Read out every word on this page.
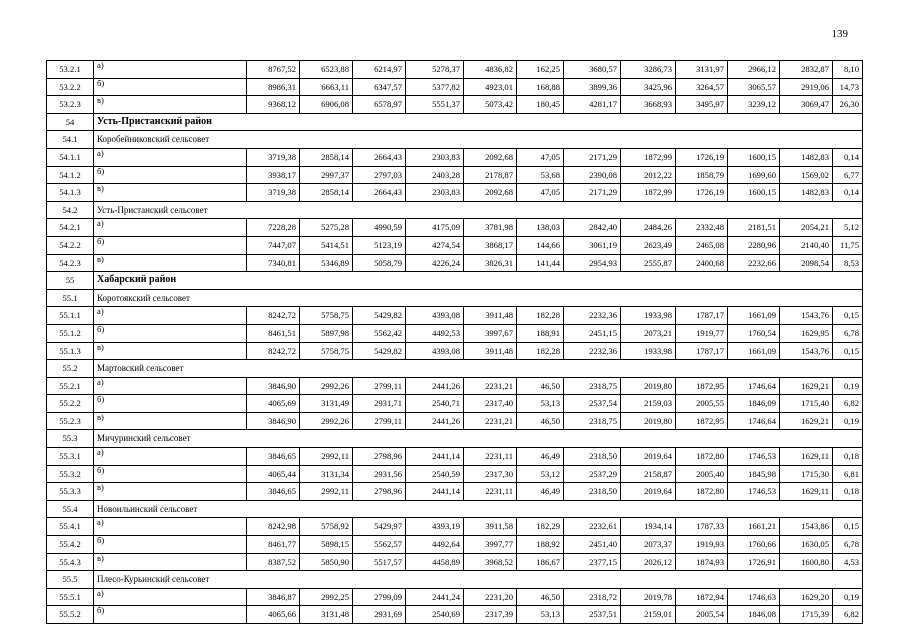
139
53.2.1	а)	8767,52	6523,88	6214,97	5278,37	4836,82	162,25	3680,57	3286,73	3131,97	2966,12	2832,87	8,10
53.2.2	б)	8986,31	6663,11	6347,57	5377,82	4923,01	168,88	3899,36	3425,96	3264,57	3065,57	2919,06	14,73
53.2.3	в)	9368,12	6906,08	6578,97	5551,37	5073,42	180,45	4281,17	3668,93	3495,97	3239,12	3069,47	26,30
54	Усть-Пристанский район												
54.1	Коробейниковский сельсовет												
54.1.1	а)	3719,38	2858,14	2664,43	2303,83	2092,68	47,05	2171,29	1872,99	1726,19	1600,15	1482,83	0,14
54.1.2	б)	3938,17	2997,37	2797,03	2403,28	2178,87	53,68	2390,08	2012,22	1858,79	1699,60	1569,02	6,77
54.1.3	в)	3719,38	2858,14	2664,43	2303,83	2092,68	47,05	2171,29	1872,99	1726,19	1600,15	1482,83	0,14
54.2	Усть-Пристанский сельсовет												
54.2.1	а)	7228,28	5275,28	4990,59	4175,09	3781,98	138,03	2842,40	2484,26	2332,48	2181,51	2054,21	5,12
54.2.2	б)	7447,07	5414,51	5123,19	4274,54	3868,17	144,66	3061,19	2623,49	2465,08	2280,96	2140,40	11,75
54.2.3	в)	7340,81	5346,89	5058,79	4226,24	3826,31	141,44	2954,93	2555,87	2400,68	2232,66	2098,54	8,53
55	Хабарский район												
55.1	Коротоякский сельсовет												
55.1.1	а)	8242,72	5758,75	5429,82	4393,08	3911,48	182,28	2232,36	1933,98	1787,17	1661,09	1543,76	0,15
55.1.2	б)	8461,51	5897,98	5562,42	4492,53	3997,67	188,91	2451,15	2073,21	1919,77	1760,54	1629,95	6,78
55.1.3	в)	8242,72	5758,75	5429,82	4393,08	3911,48	182,28	2232,36	1933,98	1787,17	1661,09	1543,76	0,15
55.2	Мартовский сельсовет												
55.2.1	а)	3846,90	2992,26	2799,11	2441,26	2231,21	46,50	2318,75	2019,80	1872,95	1746,64	1629,21	0,19
55.2.2	б)	4065,69	3131,49	2931,71	2540,71	2317,40	53,13	2537,54	2159,03	2005,55	1846,09	1715,40	6,82
55.2.3	в)	3846,90	2992,26	2799,11	2441,26	2231,21	46,50	2318,75	2019,80	1872,95	1746,64	1629,21	0,19
55.3	Мичуринский сельсовет												
55.3.1	а)	3846,65	2992,11	2798,96	2441,14	2231,11	46,49	2318,50	2019,64	1872,80	1746,53	1629,11	0,18
55.3.2	б)	4065,44	3131,34	2931,56	2540,59	2317,30	53,12	2537,29	2158,87	2005,40	1845,98	1715,30	6,81
55.3.3	в)	3846,65	2992,11	2798,96	2441,14	2231,11	46,49	2318,50	2019,64	1872,80	1746,53	1629,11	0,18
55.4	Новоильинский сельсовет												
55.4.1	а)	8242,98	5758,92	5429,97	4393,19	3911,58	182,29	2232,61	1934,14	1787,33	1661,21	1543,86	0,15
55.4.2	б)	8461,77	5898,15	5562,57	4492,64	3997,77	188,92	2451,40	2073,37	1919,93	1760,66	1630,05	6,78
55.4.3	в)	8387,52	5850,90	5517,57	4458,89	3968,52	186,67	2377,15	2026,12	1874,93	1726,91	1600,80	4,53
55.5	Плесо-Курьинский сельсовет												
55.5.1	а)	3846,87	2992,25	2799,09	2441,24	2231,20	46,50	2318,72	2019,78	1872,94	1746,63	1629,20	0,19
55.5.2	б)	4065,66	3131,48	2931,69	2540,69	2317,39	53,13	2537,51	2159,01	2005,54	1846,08	1715,39	6,82
